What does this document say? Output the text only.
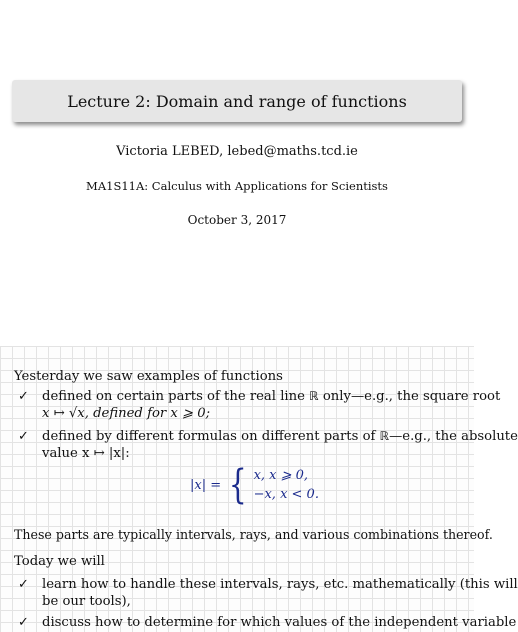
Lecture 2: Domain and range of functions
Victoria LEBED, lebed@maths.tcd.ie
MA1S11A: Calculus with Applications for Scientists
October 3, 2017
Yesterday we saw examples of functions
✓ defined on certain parts of the real line ℝ only—e.g., the square root
x ↦ √x, defined for x ⩾ 0;
✓ defined by different formulas on different parts of ℝ—e.g., the absolute
value x ↦ |x|:
|x| = { x, x ⩾ 0,
−x, x < 0.
These parts are typically intervals, rays, and various combinations thereof.
Today we will
✓ learn how to handle these intervals, rays, etc. mathematically (this will
be our tools),
✓ discuss how to determine for which values of the independent variable
